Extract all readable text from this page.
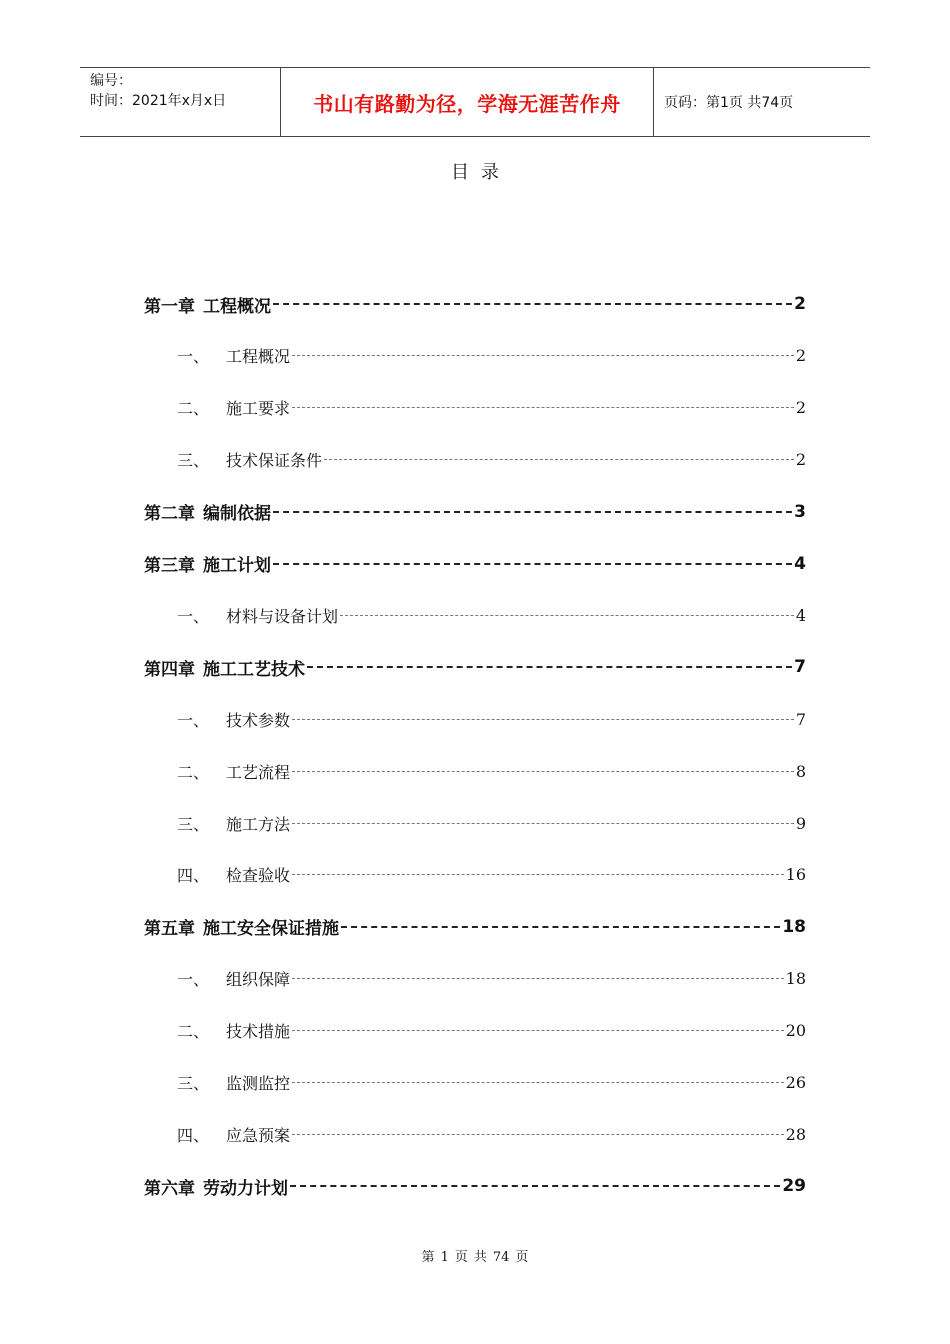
编号：
时间：2021年x月x日	书山有路勤为径，学海无涯苦作舟	页码：第1页 共74页
目录
第一章 工程概况	2
一、	工程概况	2
二、	施工要求	2
三、	技术保证条件	2
第二章 编制依据	3
第三章 施工计划	4
一、	材料与设备计划	4
第四章 施工工艺技术	7
一、	技术参数	7
二、	工艺流程	8
三、	施工方法	9
四、	检查验收	16
第五章 施工安全保证措施	18
一、	组织保障	18
二、	技术措施	20
三、	监测监控	26
四、	应急预案	28
第六章 劳动力计划	29
第 1 页 共 74 页
